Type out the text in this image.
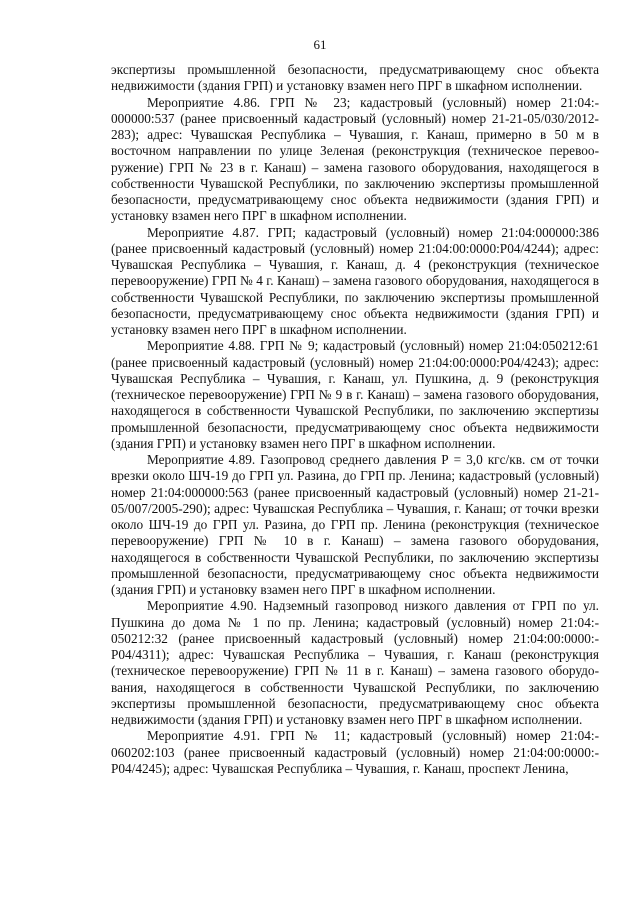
61

экспертизы промышленной безопасности, предусматривающему снос объекта недвижимости (здания ГРП) и установку взамен него ПРГ в шкафном исполнении.

Мероприятие 4.86. ГРП № 23; кадастровый (условный) номер 21:04:000000:537 (ранее присвоенный кадастровый (условный) номер 21-21-05/030/2012-283); адрес: Чувашская Республика – Чувашия, г. Канаш, примерно в 50 м в восточном направлении по улице Зеленая (реконструкция (техническое перевооружение) ГРП № 23 в г. Канаш) – замена газового оборудования, находящегося в собственности Чувашской Республики, по заключению экспертизы промышленной безопасности, предусматривающему снос объекта недвижимости (здания ГРП) и установку взамен него ПРГ в шкафном исполнении.

Мероприятие 4.87. ГРП; кадастровый (условный) номер 21:04:000000:386 (ранее присвоенный кадастровый (условный) номер 21:04:00:0000:Р04/4244); адрес: Чувашская Республика – Чувашия, г. Канаш, д. 4 (реконструкция (техническое перевооружение) ГРП № 4 г. Канаш) – замена газового оборудования, находящегося в собственности Чувашской Республики, по заключению экспертизы промышленной безопасности, предусматривающему снос объекта недвижимости (здания ГРП) и установку взамен него ПРГ в шкафном исполнении.

Мероприятие 4.88. ГРП № 9; кадастровый (условный) номер 21:04:050212:61 (ранее присвоенный кадастровый (условный) номер 21:04:00:0000:Р04/4243); адрес: Чувашская Республика – Чувашия, г. Канаш, ул. Пушкина, д. 9 (реконструкция (техническое перевооружение) ГРП № 9 в г. Канаш) – замена газового оборудования, находящегося в собственности Чувашской Республики, по заключению экспертизы промышленной безопасности, предусматривающему снос объекта недвижимости (здания ГРП) и установку взамен него ПРГ в шкафном исполнении.

Мероприятие 4.89. Газопровод среднего давления Р = 3,0 кгс/кв. см от точки врезки около ШЧ-19 до ГРП ул. Разина, до ГРП пр. Ленина; кадастровый (условный) номер 21:04:000000:563 (ранее присвоенный кадастровый (условный) номер 21-21-05/007/2005-290); адрес: Чувашская Республика – Чувашия, г. Канаш; от точки врезки около ШЧ-19 до ГРП ул. Разина, до ГРП пр. Ленина (реконструкция (техническое перевооружение) ГРП № 10 в г. Канаш) – замена газового оборудования, находящегося в собственности Чувашской Республики, по заключению экспертизы промышленной безопасности, предусматривающему снос объекта недвижимости (здания ГРП) и установку взамен него ПРГ в шкафном исполнении.

Мероприятие 4.90. Надземный газопровод низкого давления от ГРП по ул. Пушкина до дома № 1 по пр. Ленина; кадастровый (условный) номер 21:04:050212:32 (ранее присвоенный кадастровый (условный) номер 21:04:00:0000:Р04/4311); адрес: Чувашская Республика – Чувашия, г. Канаш (реконструкция (техническое перевооружение) ГРП № 11 в г. Канаш) – замена газового оборудования, находящегося в собственности Чувашской Республики, по заключению экспертизы промышленной безопасности, предусматривающему снос объекта недвижимости (здания ГРП) и установку взамен него ПРГ в шкафном исполнении.

Мероприятие 4.91. ГРП № 11; кадастровый (условный) номер 21:04:060202:103 (ранее присвоенный кадастровый (условный) номер 21:04:00:0000:Р04/4245); адрес: Чувашская Республика – Чувашия, г. Канаш, проспект Ленина,
